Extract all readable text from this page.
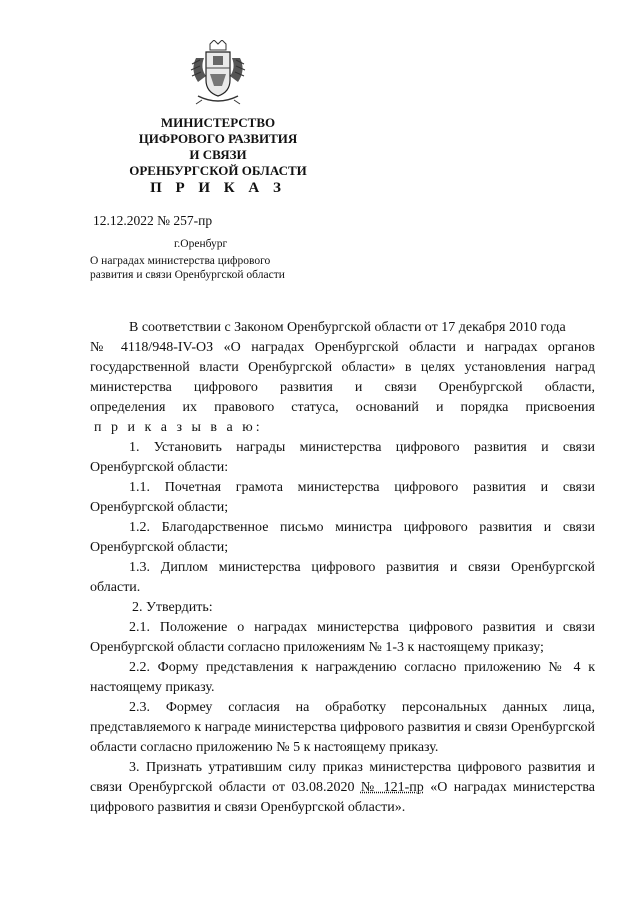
МИНИСТЕРСТВО
ЦИФРОВОГО РАЗВИТИЯ
И СВЯЗИ
ОРЕНБУРГСКОЙ ОБЛАСТИ
П Р И К А З
12.12.2022 № 257-пр
г.Оренбург
О наградах министерства цифрового
развития и связи Оренбургской области
В соответствии с Законом Оренбургской области от 17 декабря 2010 года
№ 4118/948-IV-ОЗ «О наградах Оренбургской области и наградах органов
государственной власти Оренбургской области» в целях установления наград
министерства цифрового развития и связи Оренбургской области,
определения их правового статуса, оснований и порядка присвоения
п р и к а з ы в а ю:
1. Установить награды министерства цифрового развития и связи Оренбургской области:
1.1. Почетная грамота министерства цифрового развития и связи Оренбургской области;
1.2. Благодарственное письмо министра цифрового развития и связи Оренбургской области;
1.3. Диплом министерства цифрового развития и связи Оренбургской области.
2. Утвердить:
2.1. Положение о наградах министерства цифрового развития и связи Оренбургской области согласно приложениям № 1-3 к настоящему приказу;
2.2. Форму представления к награждению согласно приложению № 4 к настоящему приказу.
2.3. Формеу согласия на обработку персональных данных лица, представляемого к награде министерства цифрового развития и связи Оренбургской области согласно приложению № 5 к настоящему приказу.
3. Признать утратившим силу приказ министерства цифрового развития и связи Оренбургской области от 03.08.2020 № 121-пр «О наградах министерства цифрового развития и связи Оренбургской области».
